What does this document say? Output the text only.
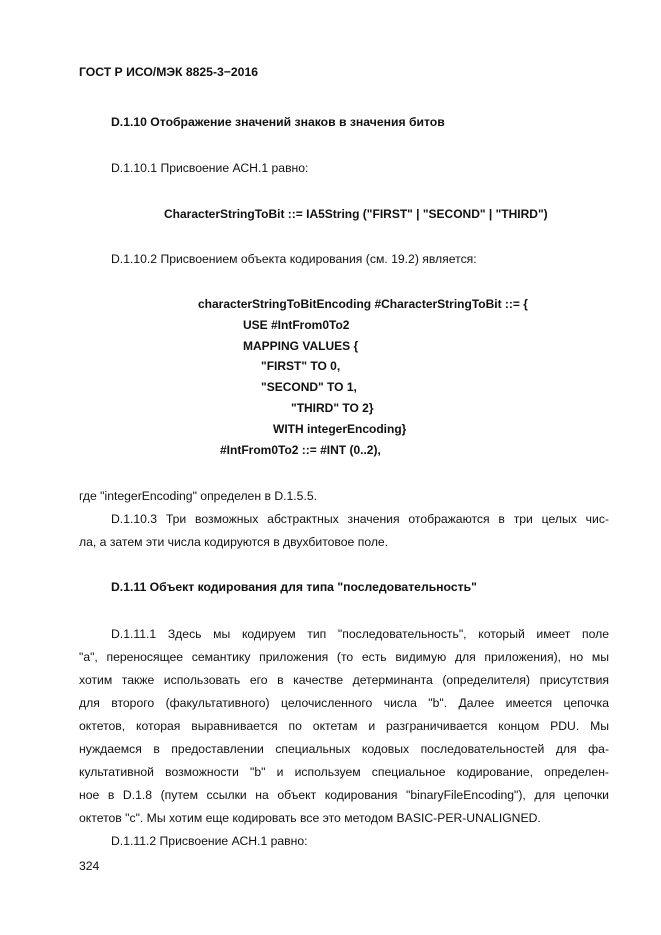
ГОСТ Р ИСО/МЭК 8825-3−2016
D.1.10 Отображение значений знаков в значения битов
D.1.10.1 Присвоение АСН.1 равно:
CharacterStringToBit ::= IA5String ("FIRST" | "SECOND" | "THIRD")
D.1.10.2 Присвоением объекта кодирования (см. 19.2) является:
characterStringToBitEncoding #CharacterStringToBit ::= {
USE #IntFrom0To2
MAPPING VALUES {
"FIRST" TO 0,
"SECOND" TO 1,
"THIRD" TO 2}
WITH integerEncoding}
#IntFrom0To2 ::= #INT (0..2),
где "integerEncoding" определен в D.1.5.5.
D.1.10.3 Три возможных абстрактных значения отображаются в три целых чис-
ла, а затем эти числа кодируются в двухбитовое поле.
D.1.11 Объект кодирования для типа "последовательность"
D.1.11.1 Здесь мы кодируем тип "последовательность", который имеет поле
"a", переносящее семантику приложения (то есть видимую для приложения), но мы
хотим также использовать его в качестве детерминанта (определителя) присутствия
для второго (факультативного) целочисленного числа "b". Далее имеется цепочка
октетов, которая выравнивается по октетам и разграничивается концом PDU. Мы
нуждаемся в предоставлении специальных кодовых последовательностей для фа-
культативной возможности "b" и используем специальное кодирование, определен-
ное в D.1.8 (путем ссылки на объект кодирования "binaryFileEncoding"), для цепочки
октетов "c". Мы хотим еще кодировать все это методом BASIC-PER-UNALIGNED.
D.1.11.2 Присвоение АСН.1 равно:
324
